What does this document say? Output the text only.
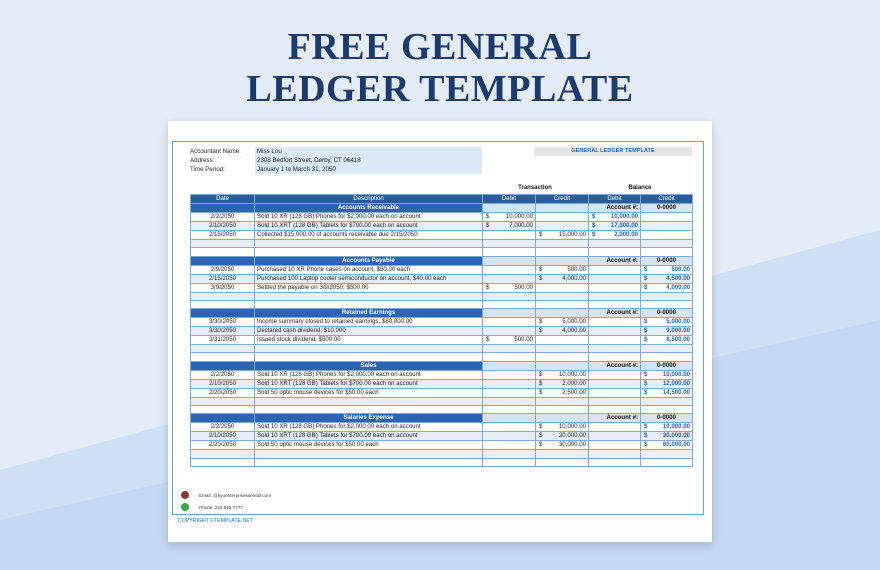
FREE GENERAL
LEDGER TEMPLATE
Accountant Name:	Miss Lou
Address:	2308 Bedfort Street, Derby, CT 06418
Time Period:	January 1 to March 31, 2050
GENERAL LEDGER TEMPLATE
Transaction	Balance
Date	Description	Debit	Credit	Debit	Credit
	Accounts Receivable			Account #:	0-0000
2/2/2050	Sold 10 XR (128 GB) Phones for $2,000.00 each on account	$ 10,000.00		$ 10,000.00	
2/10/2050	Sold 10 XRT (128 GB) Tablets for $700.00 each on account	$ 7,000.00		$ 17,000.00	
2/15/2050	Collected $15,000.00 of accounts receivable due 2/15/2050		$ 15,000.00	$ 2,000.00	

	Accounts Payable			Account #:	0-0000
2/9/2050	Purchased 10 XR Phone cases on account, $50.00 each		$ 500.00		$ 500.00
2/15/2050	Purchased 100 Laptop cooler semiconductor on account, $40.00 each		$ 4,000.00		$ 4,500.00
3/9/2050	Settled the payable on 3/9/2050, $500.00	$ 500.00			$ 4,000.00

	Retained Earnings			Account #:	0-0000
3/30/2050	Income summary closed to retained earnings, $80,000.00		$ 5,000.00		$ 5,000.00
3/30/2050	Declared cash dividend, $10,000		$ 4,000.00		$ 9,000.00
3/31/2050	Issued stock dividend, $500.00	$ 500.00			$ 8,500.00

	Sales			Account #:	0-0000
2/2/2050	Sold 10 XR (128 GB) Phones for $2,000.00 each on account		$ 10,000.00		$ 10,000.00
2/10/2050	Sold 10 XRT (128 GB) Tablets for $700.00 each on account		$ 2,000.00		$ 12,000.00
2/20/2050	Sold 50 optic mouse devices for $50.00 each		$ 2,500.00		$ 14,500.00

	Salaries Expense			Account #:	0-0000
2/2/2050	Sold 10 XR (128 GB) Phones for $2,000.00 each on account		$ 10,000.00		$ 10,000.00
2/10/2050	Sold 10 XRT (128 GB) Tablets for $700.00 each on account		$ 20,000.00		$ 30,000.00
2/20/2050	Sold 50 optic mouse devices for $50.00 each		$ 30,000.00		$ 60,000.00

Email: @hyuenterprisesitemail.com
Phone: 222 555 7777
COPYRIGHT ©TEMPLATE.NET
